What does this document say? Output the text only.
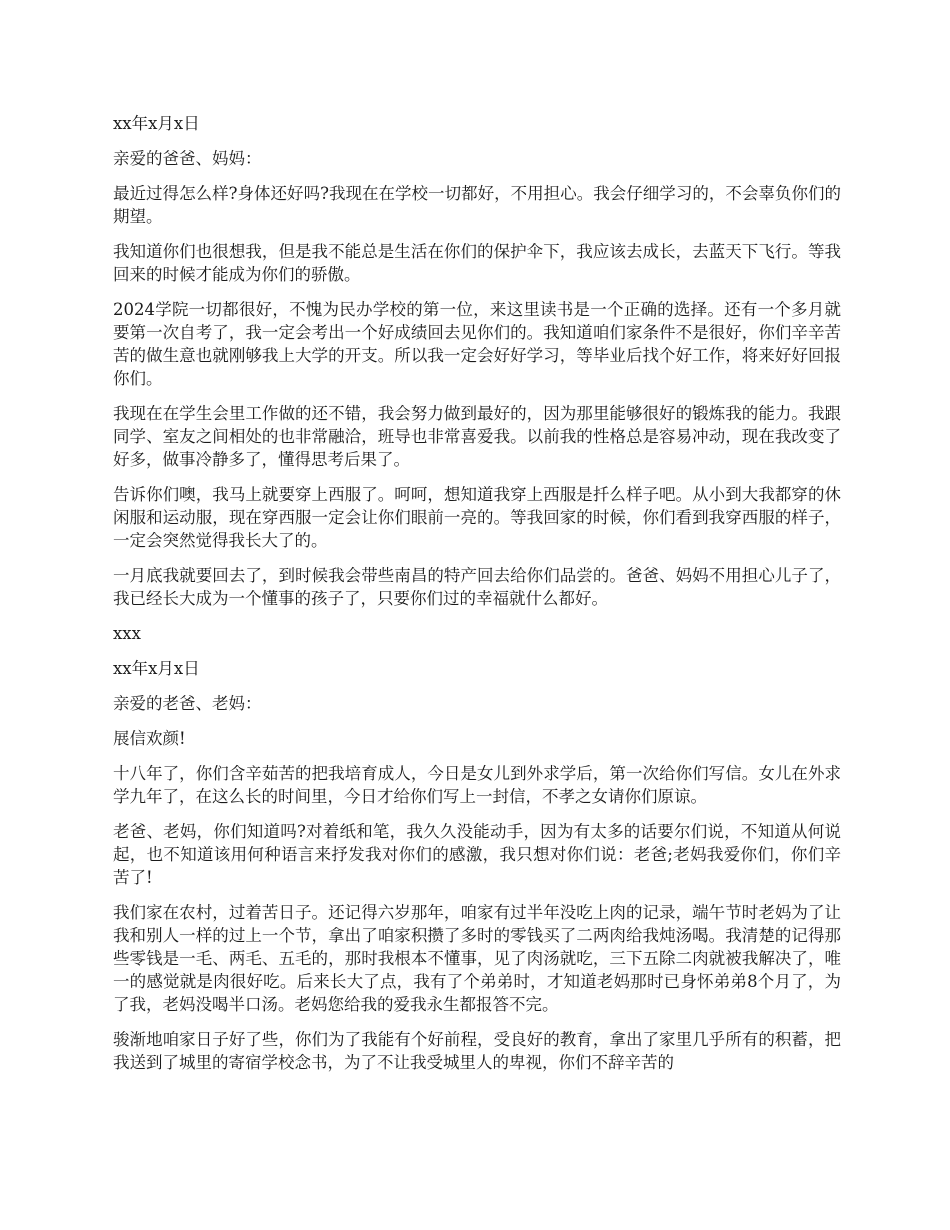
xx年x月x日

亲爱的爸爸、妈妈：

最近过得怎么样?身体还好吗?我现在在学校一切都好，不用担心。我会仔细学习的，不会辜负你们的期望。

我知道你们也很想我，但是我不能总是生活在你们的保护伞下，我应该去成长，去蓝天下飞行。等我回来的时候才能成为你们的骄傲。

2024学院一切都很好，不愧为民办学校的第一位，来这里读书是一个正确的选择。还有一个多月就要第一次自考了，我一定会考出一个好成绩回去见你们的。我知道咱们家条件不是很好，你们辛辛苦苦的做生意也就刚够我上大学的开支。所以我一定会好好学习，等毕业后找个好工作，将来好好回报你们。

我现在在学生会里工作做的还不错，我会努力做到最好的，因为那里能够很好的锻炼我的能力。我跟同学、室友之间相处的也非常融洽，班导也非常喜爱我。以前我的性格总是容易冲动，现在我改变了好多，做事冷静多了，懂得思考后果了。

告诉你们噢，我马上就要穿上西服了。呵呵，想知道我穿上西服是扦么样子吧。从小到大我都穿的休闲服和运动服，现在穿西服一定会让你们眼前一亮的。等我回家的时候，你们看到我穿西服的样子，一定会突然觉得我长大了的。

一月底我就要回去了，到时候我会带些南昌的特产回去给你们品尝的。爸爸、妈妈不用担心儿子了，我已经长大成为一个懂事的孩子了，只要你们过的幸福就什么都好。

xxx

xx年x月x日

亲爱的老爸、老妈：

展信欢颜!

十八年了，你们含辛茹苦的把我培育成人，今日是女儿到外求学后，第一次给你们写信。女儿在外求学九年了，在这么长的时间里，今日才给你们写上一封信，不孝之女请你们原谅。

老爸、老妈，你们知道吗?对着纸和笔，我久久没能动手，因为有太多的话要尔们说，不知道从何说起，也不知道该用何种语言来抒发我对你们的感激，我只想对你们说：老爸;老妈我爱你们，你们辛苦了!

我们家在农村，过着苦日子。还记得六岁那年，咱家有过半年没吃上肉的记录，端午节时老妈为了让我和别人一样的过上一个节，拿出了咱家积攒了多时的零钱买了二两肉给我炖汤喝。我清楚的记得那些零钱是一毛、两毛、五毛的，那时我根本不懂事，见了肉汤就吃，三下五除二肉就被我解决了，唯一的感觉就是肉很好吃。后来长大了点，我有了个弟弟时，才知道老妈那时已身怀弟弟8个月了，为了我，老妈没喝半口汤。老妈您给我的爱我永生都报答不完。

骏渐地咱家日子好了些，你们为了我能有个好前程，受良好的教育，拿出了家里几乎所有的积蓄，把我送到了城里的寄宿学校念书，为了不让我受城里人的卑视，你们不辞辛苦的
